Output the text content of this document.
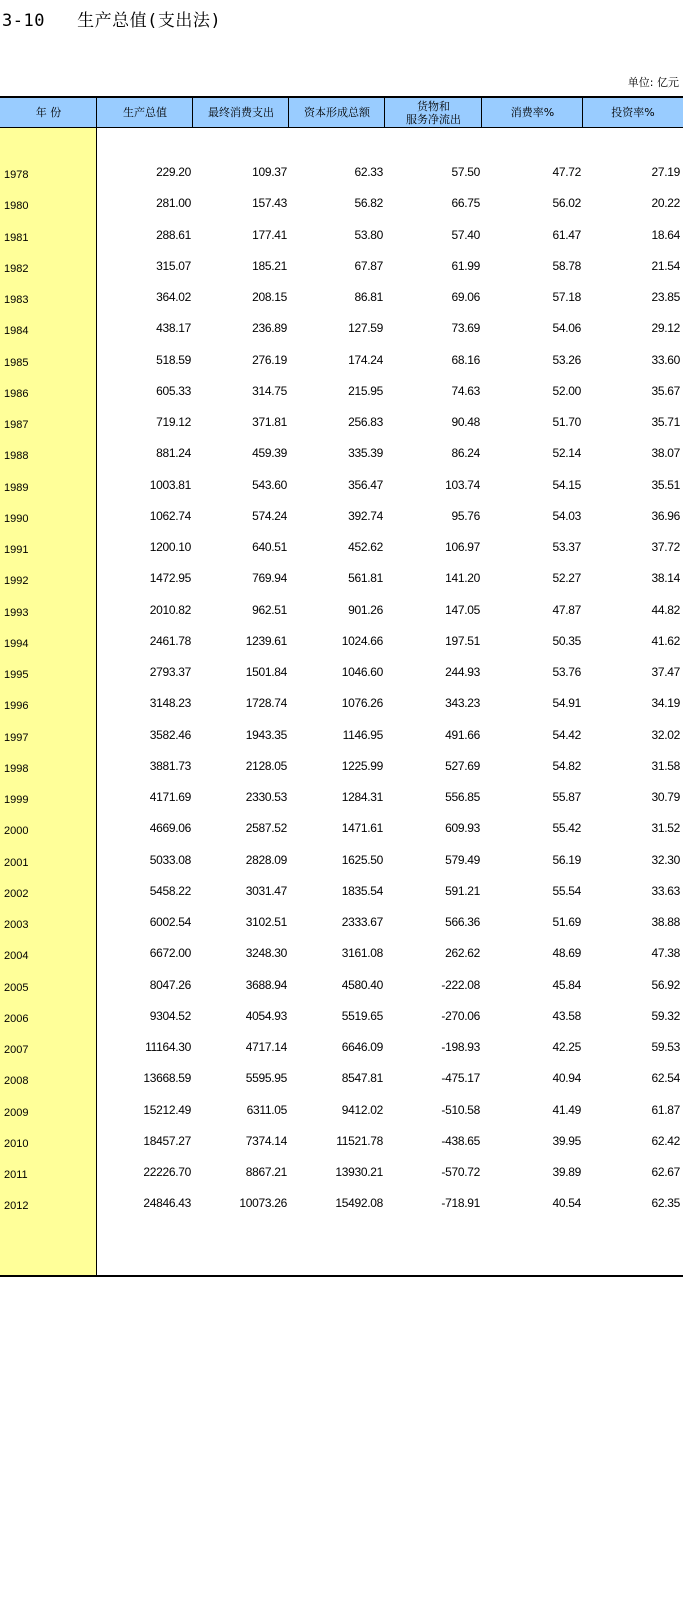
3-10   生产总值(支出法)
单位: 亿元
年 份	生产总值	最终消费支出	资本形成总额	货物和
服务净流出	消费率%	投资率%
1978	229.20	109.37	62.33	57.50	47.72	27.19
1980	281.00	157.43	56.82	66.75	56.02	20.22
1981	288.61	177.41	53.80	57.40	61.47	18.64
1982	315.07	185.21	67.87	61.99	58.78	21.54
1983	364.02	208.15	86.81	69.06	57.18	23.85
1984	438.17	236.89	127.59	73.69	54.06	29.12
1985	518.59	276.19	174.24	68.16	53.26	33.60
1986	605.33	314.75	215.95	74.63	52.00	35.67
1987	719.12	371.81	256.83	90.48	51.70	35.71
1988	881.24	459.39	335.39	86.24	52.14	38.07
1989	1003.81	543.60	356.47	103.74	54.15	35.51
1990	1062.74	574.24	392.74	95.76	54.03	36.96
1991	1200.10	640.51	452.62	106.97	53.37	37.72
1992	1472.95	769.94	561.81	141.20	52.27	38.14
1993	2010.82	962.51	901.26	147.05	47.87	44.82
1994	2461.78	1239.61	1024.66	197.51	50.35	41.62
1995	2793.37	1501.84	1046.60	244.93	53.76	37.47
1996	3148.23	1728.74	1076.26	343.23	54.91	34.19
1997	3582.46	1943.35	1146.95	491.66	54.42	32.02
1998	3881.73	2128.05	1225.99	527.69	54.82	31.58
1999	4171.69	2330.53	1284.31	556.85	55.87	30.79
2000	4669.06	2587.52	1471.61	609.93	55.42	31.52
2001	5033.08	2828.09	1625.50	579.49	56.19	32.30
2002	5458.22	3031.47	1835.54	591.21	55.54	33.63
2003	6002.54	3102.51	2333.67	566.36	51.69	38.88
2004	6672.00	3248.30	3161.08	262.62	48.69	47.38
2005	8047.26	3688.94	4580.40	-222.08	45.84	56.92
2006	9304.52	4054.93	5519.65	-270.06	43.58	59.32
2007	11164.30	4717.14	6646.09	-198.93	42.25	59.53
2008	13668.59	5595.95	8547.81	-475.17	40.94	62.54
2009	15212.49	6311.05	9412.02	-510.58	41.49	61.87
2010	18457.27	7374.14	11521.78	-438.65	39.95	62.42
2011	22226.70	8867.21	13930.21	-570.72	39.89	62.67
2012	24846.43	10073.26	15492.08	-718.91	40.54	62.35
